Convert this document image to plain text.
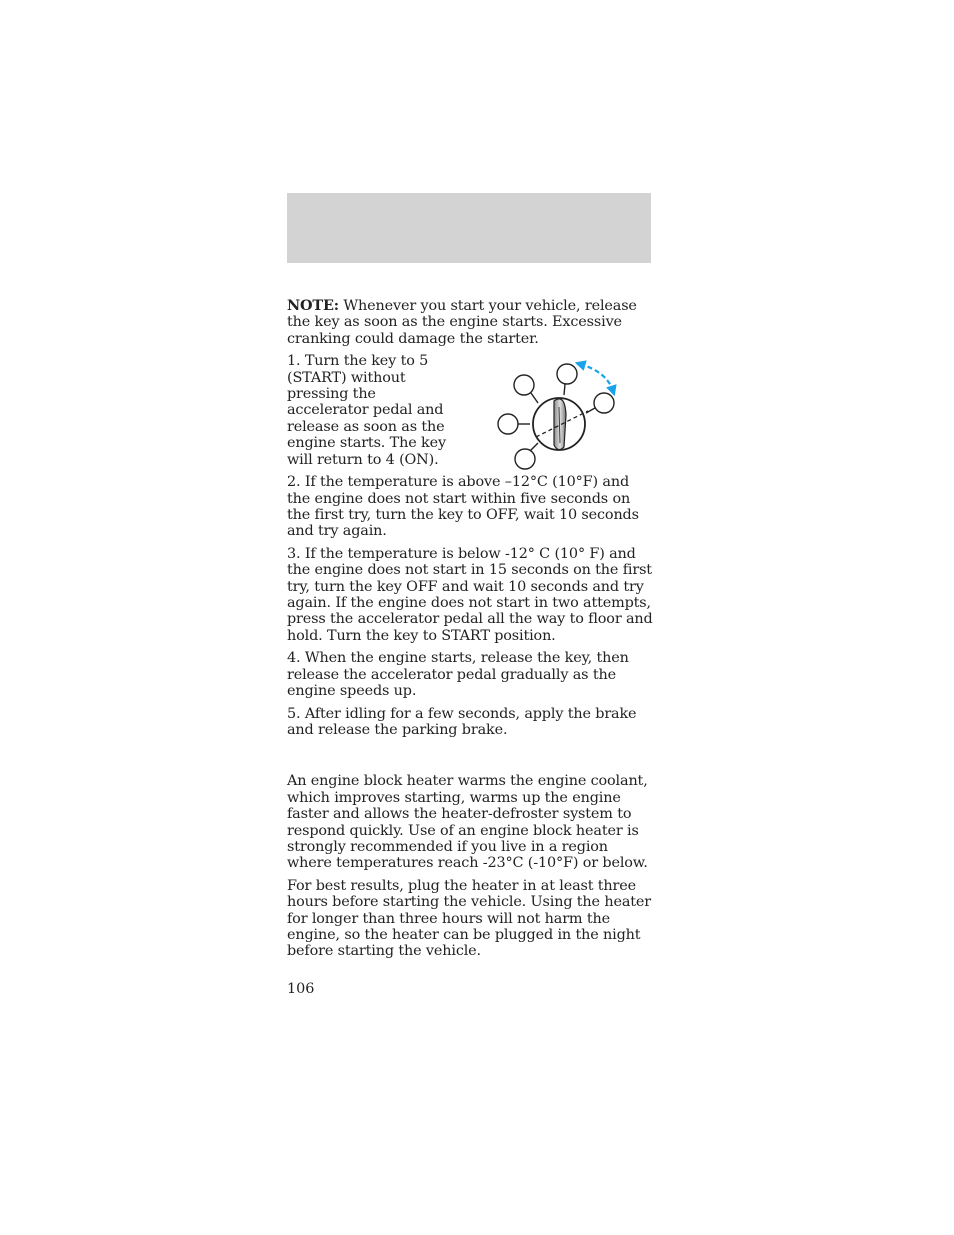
NOTE: Whenever you start your vehicle, release the key as soon as the engine starts. Excessive cranking could damage the starter.

1. Turn the key to 5 (START) without pressing the accelerator pedal and release as soon as the engine starts. The key will return to 4 (ON).

2. If the temperature is above –12°C (10°F) and the engine does not start within five seconds on the first try, turn the key to OFF, wait 10 seconds and try again.

3. If the temperature is below -12° C (10° F) and the engine does not start in 15 seconds on the first try, turn the key OFF and wait 10 seconds and try again. If the engine does not start in two attempts, press the accelerator pedal all the way to floor and hold. Turn the key to START position.

4. When the engine starts, release the key, then release the accelerator pedal gradually as the engine speeds up.

5. After idling for a few seconds, apply the brake and release the parking brake.

An engine block heater warms the engine coolant, which improves starting, warms up the engine faster and allows the heater-defroster system to respond quickly. Use of an engine block heater is strongly recommended if you live in a region where temperatures reach -23°C (-10°F) or below.

For best results, plug the heater in at least three hours before starting the vehicle. Using the heater for longer than three hours will not harm the engine, so the heater can be plugged in the night before starting the vehicle.

106
